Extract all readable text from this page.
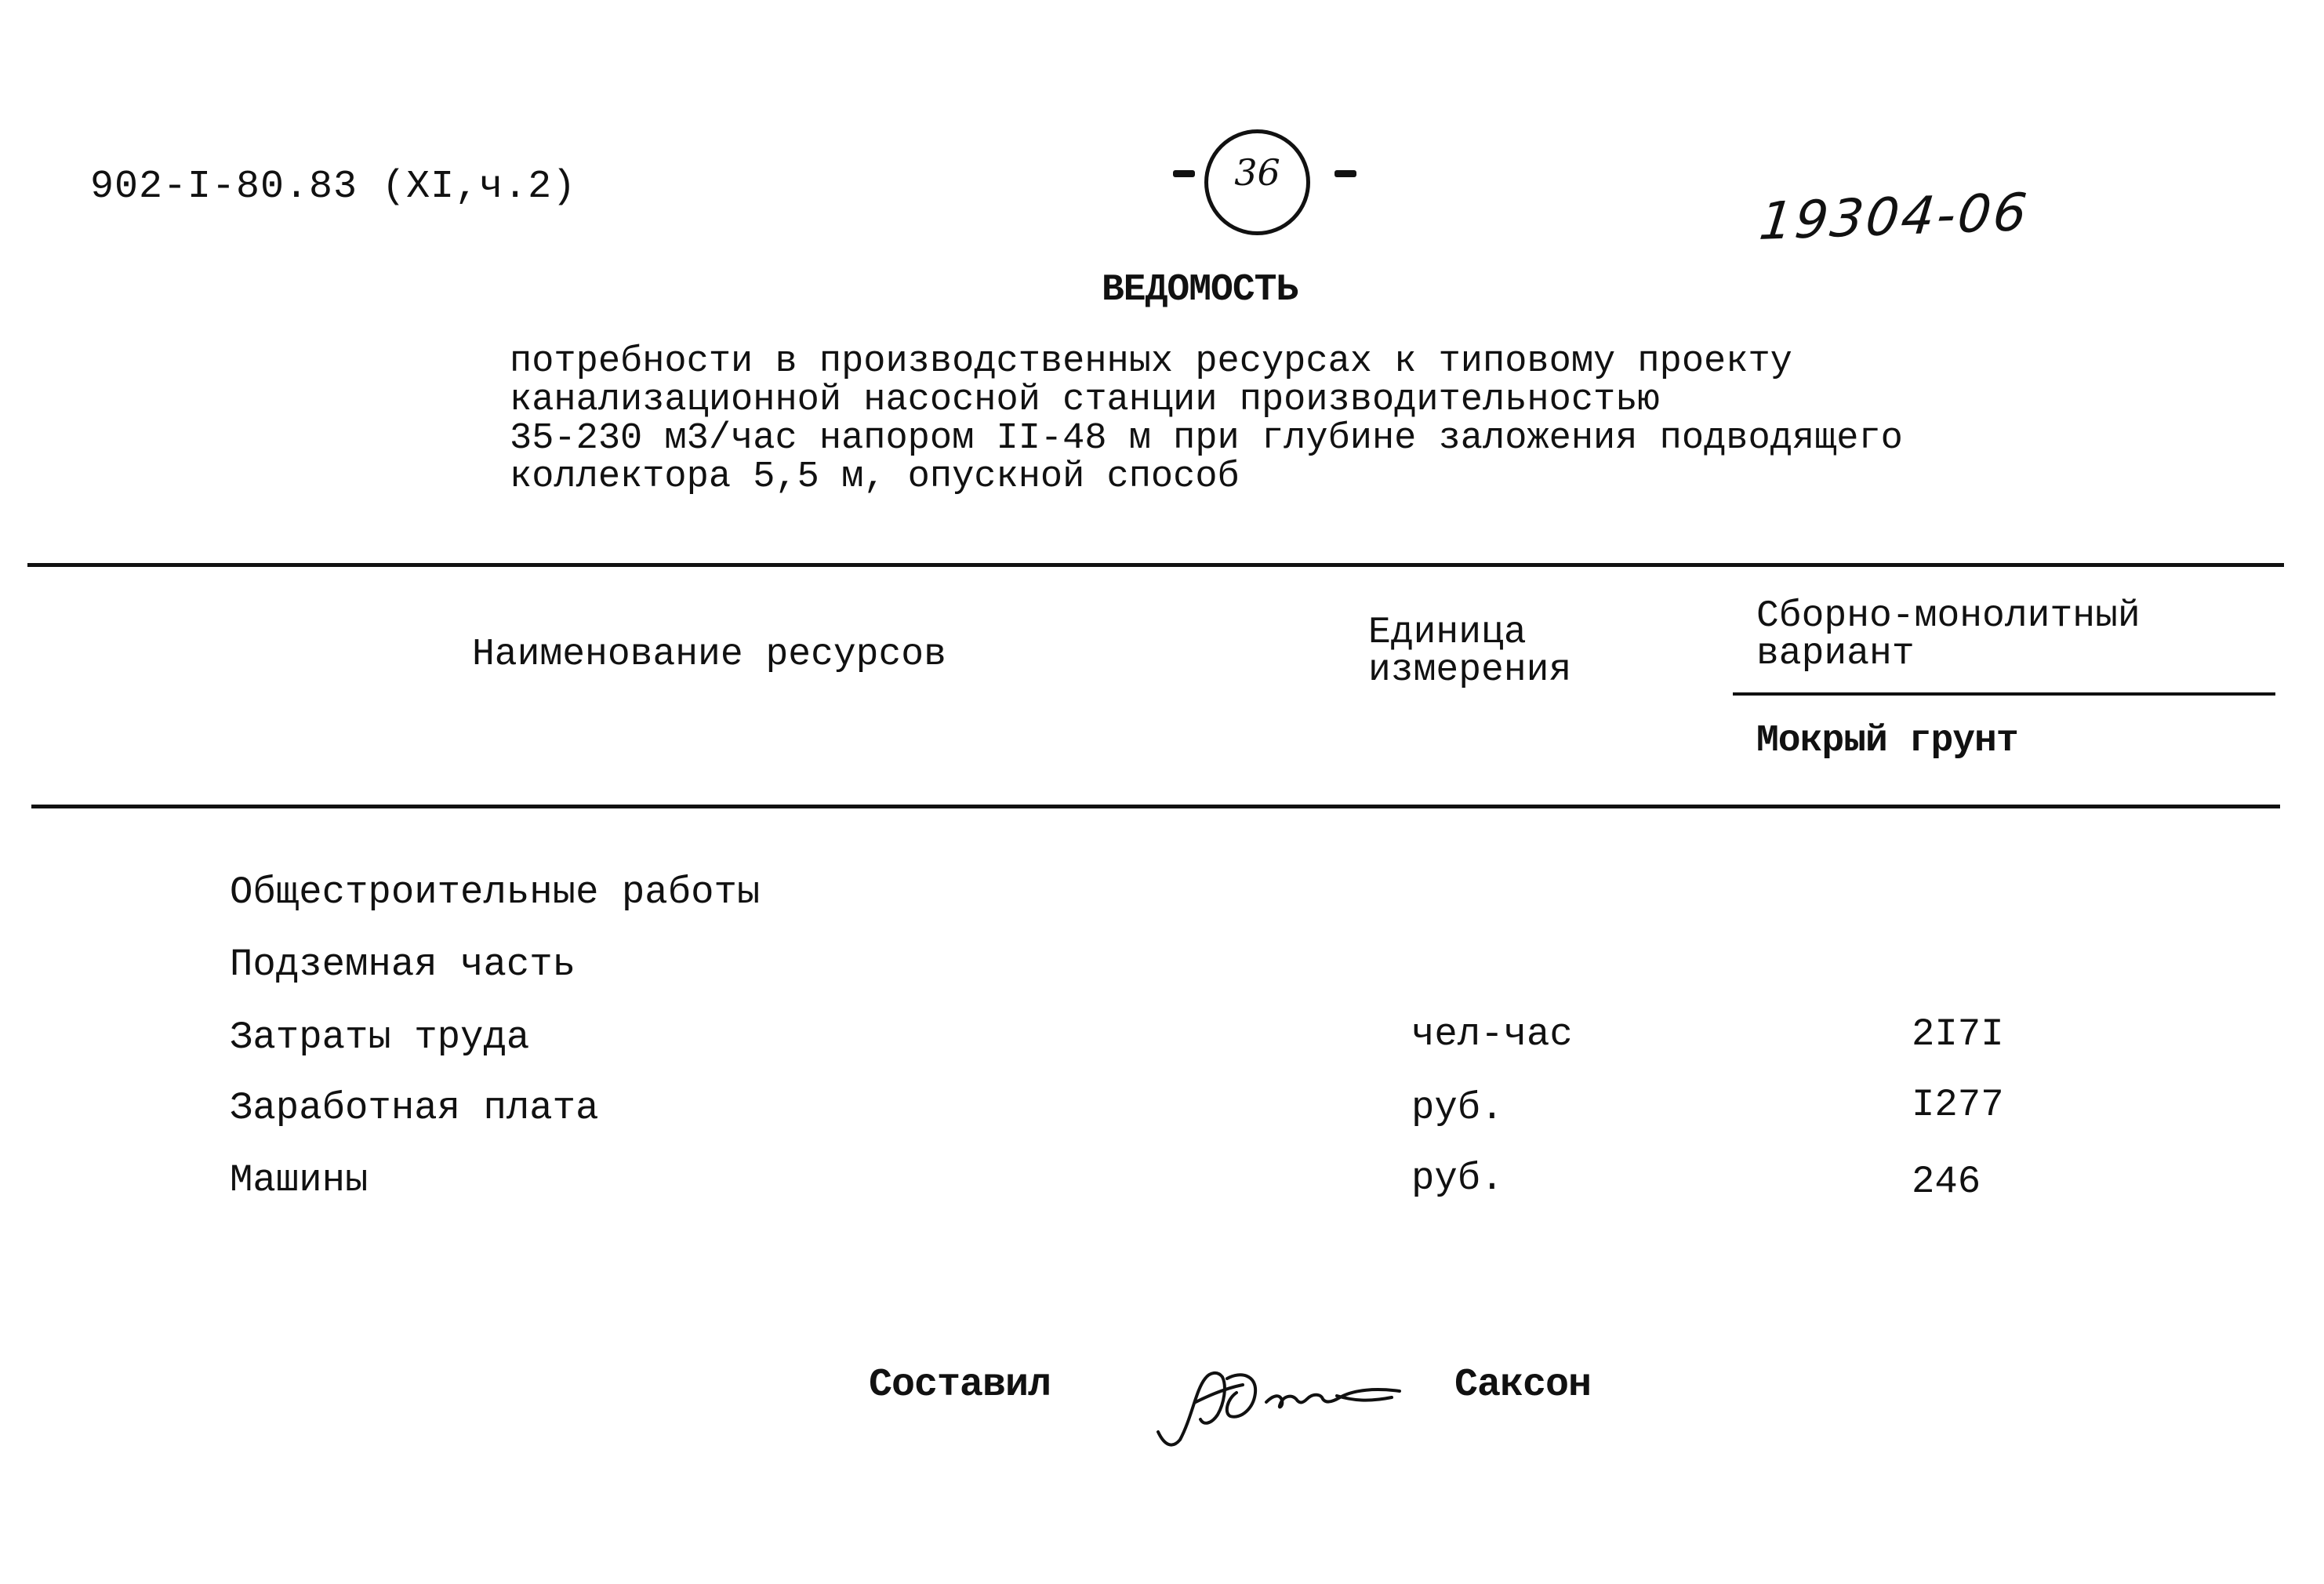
902-I-80.83 (XI,ч.2)	36
19304-06
ВЕДОМОСТЬ
потребности в производственных ресурсах к типовому проекту
канализационной насосной станции производительностью
35-230 м3/час напором II-48 м при глубине заложения подводящего
коллектора 5,5 м, опускной способ
Наименование ресурсов
Единица
измерения
Сборно-монолитный
вариант
Мокрый грунт
Общестроительные работы
Подземная часть
Затраты труда	чел-час	2I7I
Заработная плата	руб.	I277
Машины	руб.	246
Составил	Саксон
